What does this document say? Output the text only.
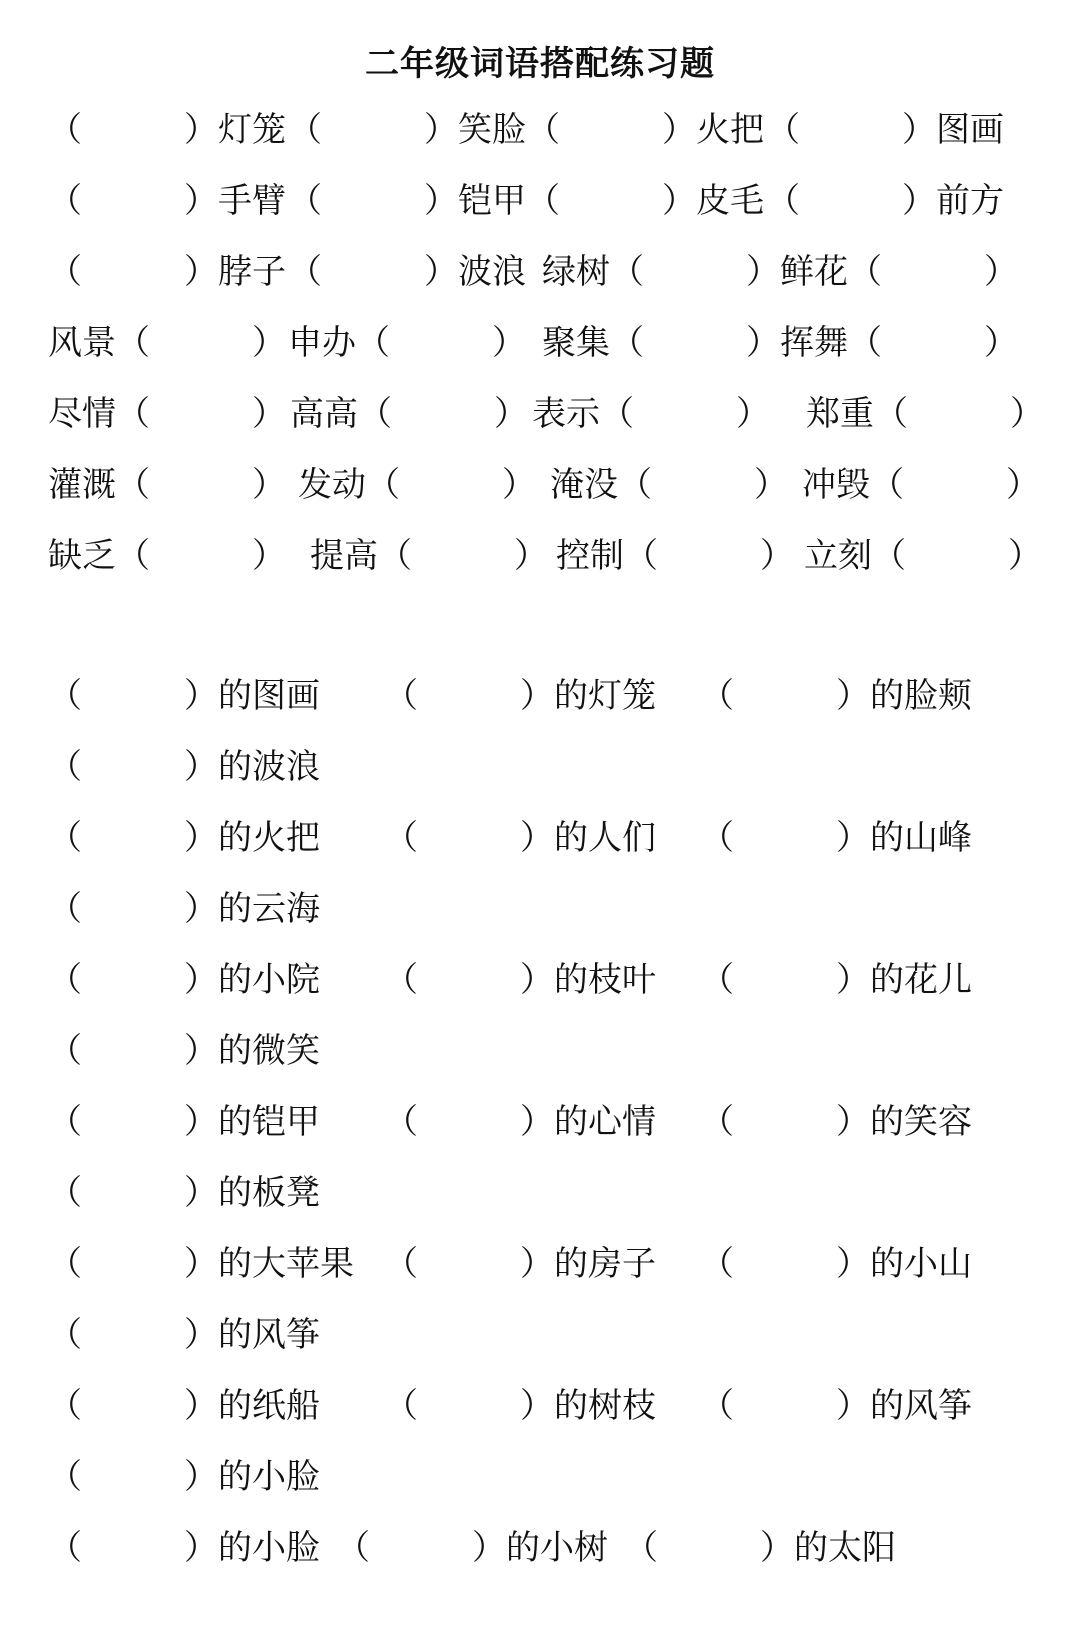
二年级词语搭配练习题
（　　　）灯笼 （　　　）笑脸 （　　　）火把 （　　　）图画
（　　　）手臂 （　　　）铠甲 （　　　）皮毛 （　　　）前方
（　　　）脖子 （　　　）波浪 绿树（　　　） 鲜花（　　　）
风景（　　　） 申办（　　　） 聚集（　　　） 挥舞（　　　）
尽情（　　　） 高高（　　　） 表示（　　　） 郑重（　　　）
灌溉（　　　） 发动（　　　） 淹没（　　　） 冲毁（　　　）
缺乏（　　　） 提高（　　　） 控制（　　　） 立刻（　　　）
（　　　）的图画 （　　　）的灯笼 （　　　）的脸颊
（　　　）的波浪
（　　　）的火把 （　　　）的人们 （　　　）的山峰
（　　　）的云海
（　　　）的小院 （　　　）的枝叶 （　　　）的花儿
（　　　）的微笑
（　　　）的铠甲 （　　　）的心情 （　　　）的笑容
（　　　）的板凳
（　　　）的大苹果 （　　　）的房子 （　　　）的小山
（　　　）的风筝
（　　　）的纸船 （　　　）的树枝 （　　　）的风筝
（　　　）的小脸
（　　　）的小脸 （　　　）的小树 （　　　）的太阳
